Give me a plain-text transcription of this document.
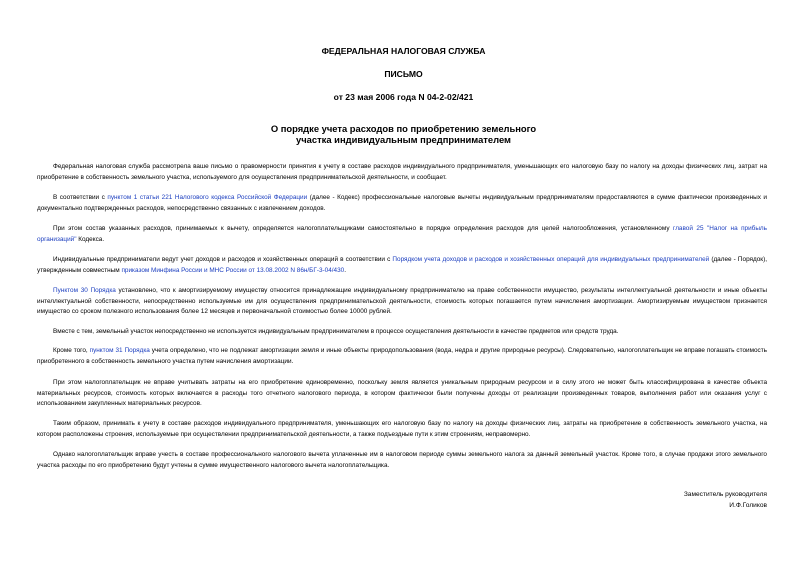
ФЕДЕРАЛЬНАЯ НАЛОГОВАЯ СЛУЖБА
ПИСЬМО
от 23 мая 2006 года N 04-2-02/421
О порядке учета расходов по приобретению земельного
участка индивидуальным предпринимателем

Федеральная налоговая служба рассмотрела ваше письмо о правомерности принятия к учету в составе расходов индивидуального предпринимателя, уменьшающих его налоговую базу по налогу на доходы физических лиц, затрат на приобретение в собственность земельного участка, используемого для осуществления предпринимательской деятельности, и сообщает.

В соответствии с пунктом 1 статьи 221 Налогового кодекса Российской Федерации (далее - Кодекс) профессиональные налоговые вычеты индивидуальным предпринимателям предоставляются в сумме фактически произведенных и документально подтвержденных расходов, непосредственно связанных с извлечением доходов.

При этом состав указанных расходов, принимаемых к вычету, определяется налогоплательщиками самостоятельно в порядке определения расходов для целей налогообложения, установленному главой 25 "Налог на прибыль организаций" Кодекса.

Индивидуальные предприниматели ведут учет доходов и расходов и хозяйственных операций в соответствии с Порядком учета доходов и расходов и хозяйственных операций для индивидуальных предпринимателей (далее - Порядок), утвержденным совместным приказом Минфина России и МНС России от 13.08.2002 N 86н/БГ-3-04/430.

Пунктом 30 Порядка установлено, что к амортизируемому имуществу относится принадлежащие индивидуальному предпринимателю на праве собственности имущество, результаты интеллектуальной деятельности и иные объекты интеллектуальной собственности, непосредственно используемые им для осуществления предпринимательской деятельности, стоимость которых погашается путем начисления амортизации. Амортизируемым имуществом признается имущество со сроком полезного использования более 12 месяцев и первоначальной стоимостью более 10000 рублей.

Вместе с тем, земельный участок непосредственно не используется индивидуальным предпринимателем в процессе осуществления деятельности в качестве предметов или средств труда.

Кроме того, пунктом 31 Порядка учета определено, что не подлежат амортизации земля и иные объекты природопользования (вода, недра и другие природные ресурсы). Следовательно, налогоплательщик не вправе погашать стоимость приобретенного в собственность земельного участка путем начисления амортизации.

При этом налогоплательщик не вправе учитывать затраты на его приобретение единовременно, поскольку земля является уникальным природным ресурсом и в силу этого не может быть классифицирована в качестве объекта материальных ресурсов, стоимость которых включается в расходы того отчетного налогового периода, в котором фактически были получены доходы от реализации произведенных товаров, выполнения работ или оказания услуг с использованием закупленных материальных ресурсов.

Таким образом, принимать к учету в составе расходов индивидуального предпринимателя, уменьшающих его налоговую базу по налогу на доходы физических лиц, затраты на приобретение в собственность земельного участка, на котором расположены строения, используемые при осуществлении предпринимательской деятельности, а также подъездные пути к этим строениям, неправомерно.

Однако налогоплательщик вправе учесть в составе профессионального налогового вычета уплаченные им в налоговом периоде суммы земельного налога за данный земельный участок. Кроме того, в случае продажи этого земельного участка расходы по его приобретению будут учтены в сумме имущественного налогового вычета налогоплательщика.

Заместитель руководителя
И.Ф.Голиков
